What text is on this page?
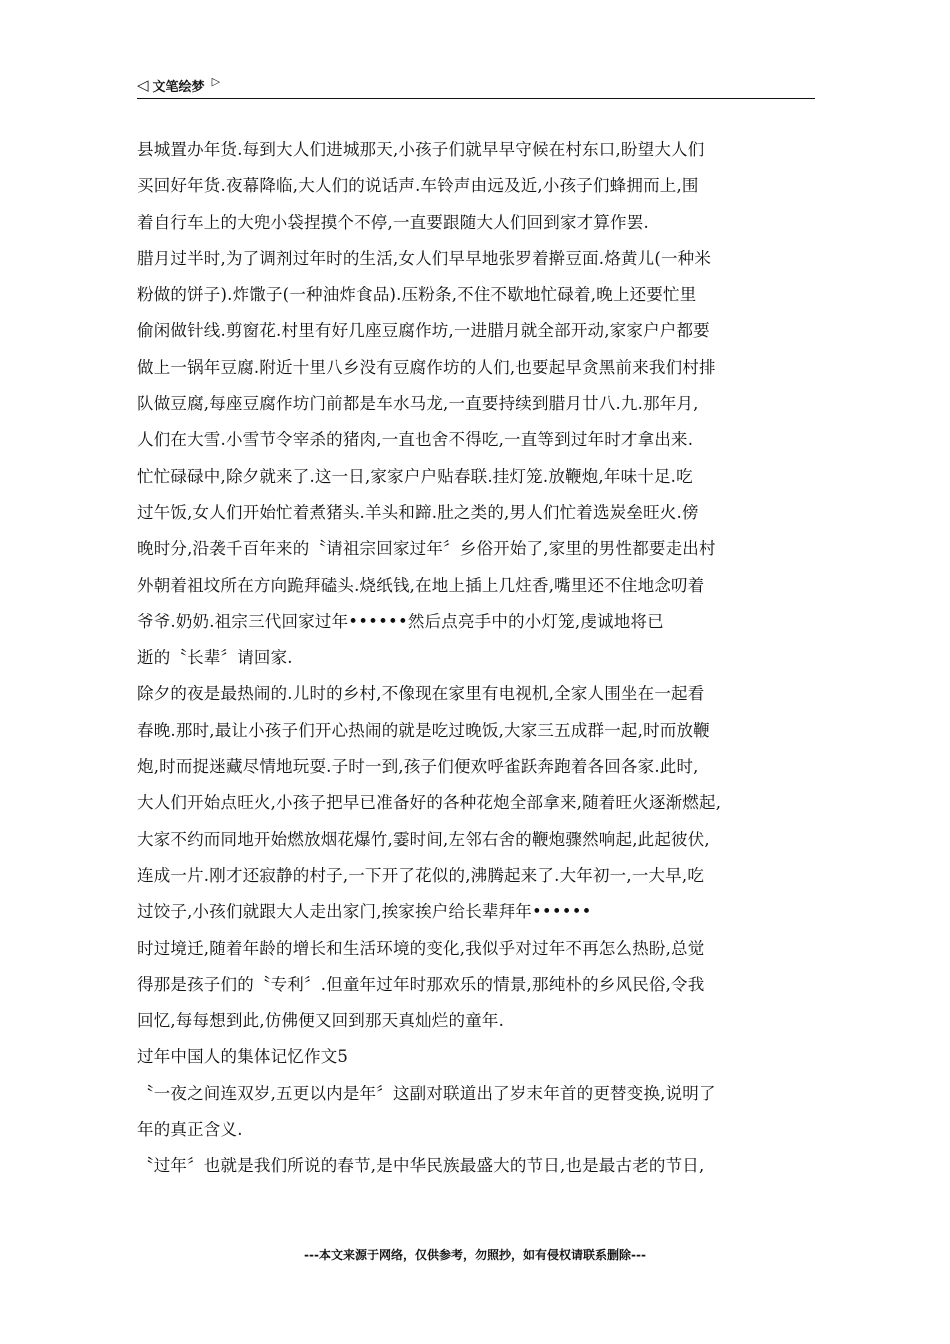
◁ 文笔绘梦 ▷
县城置办年货.每到大人们进城那天,小孩子们就早早守候在村东口,盼望大人们
买回好年货.夜幕降临,大人们的说话声.车铃声由远及近,小孩子们蜂拥而上,围
着自行车上的大兜小袋捏摸个不停,一直要跟随大人们回到家才算作罢.
腊月过半时,为了调剂过年时的生活,女人们早早地张罗着擀豆面.烙黄儿(一种米
粉做的饼子).炸馓子(一种油炸食品).压粉条,不住不歇地忙碌着,晚上还要忙里
偷闲做针线.剪窗花.村里有好几座豆腐作坊,一进腊月就全部开动,家家户户都要
做上一锅年豆腐.附近十里八乡没有豆腐作坊的人们,也要起早贪黑前来我们村排
队做豆腐,每座豆腐作坊门前都是车水马龙,一直要持续到腊月廿八.九.那年月,
人们在大雪.小雪节令宰杀的猪肉,一直也舍不得吃,一直等到过年时才拿出来.
忙忙碌碌中,除夕就来了.这一日,家家户户贴春联.挂灯笼.放鞭炮,年味十足.吃
过午饭,女人们开始忙着煮猪头.羊头和蹄.肚之类的,男人们忙着选炭垒旺火.傍
晚时分,沿袭千百年来的〝请祖宗回家过年〞乡俗开始了,家里的男性都要走出村
外朝着祖坟所在方向跪拜磕头.烧纸钱,在地上插上几炷香,嘴里还不住地念叨着
爷爷.奶奶.祖宗三代回家过年••••••然后点亮手中的小灯笼,虔诚地将已
逝的〝长辈〞请回家.
除夕的夜是最热闹的.儿时的乡村,不像现在家里有电视机,全家人围坐在一起看
春晚.那时,最让小孩子们开心热闹的就是吃过晚饭,大家三五成群一起,时而放鞭
炮,时而捉迷藏尽情地玩耍.子时一到,孩子们便欢呼雀跃奔跑着各回各家.此时,
大人们开始点旺火,小孩子把早已准备好的各种花炮全部拿来,随着旺火逐渐燃起,
大家不约而同地开始燃放烟花爆竹,霎时间,左邻右舍的鞭炮骤然响起,此起彼伏,
连成一片.刚才还寂静的村子,一下开了花似的,沸腾起来了.大年初一,一大早,吃
过饺子,小孩们就跟大人走出家门,挨家挨户给长辈拜年••••••
时过境迁,随着年龄的增长和生活环境的变化,我似乎对过年不再怎么热盼,总觉
得那是孩子们的〝专利〞.但童年过年时那欢乐的情景,那纯朴的乡风民俗,令我
回忆,每每想到此,仿佛便又回到那天真灿烂的童年.
过年中国人的集体记忆作文5
〝一夜之间连双岁,五更以内是年〞这副对联道出了岁末年首的更替变换,说明了
年的真正含义.
〝过年〞也就是我们所说的春节,是中华民族最盛大的节日,也是最古老的节日,
---本文来源于网络，仅供参考，勿照抄，如有侵权请联系删除---
